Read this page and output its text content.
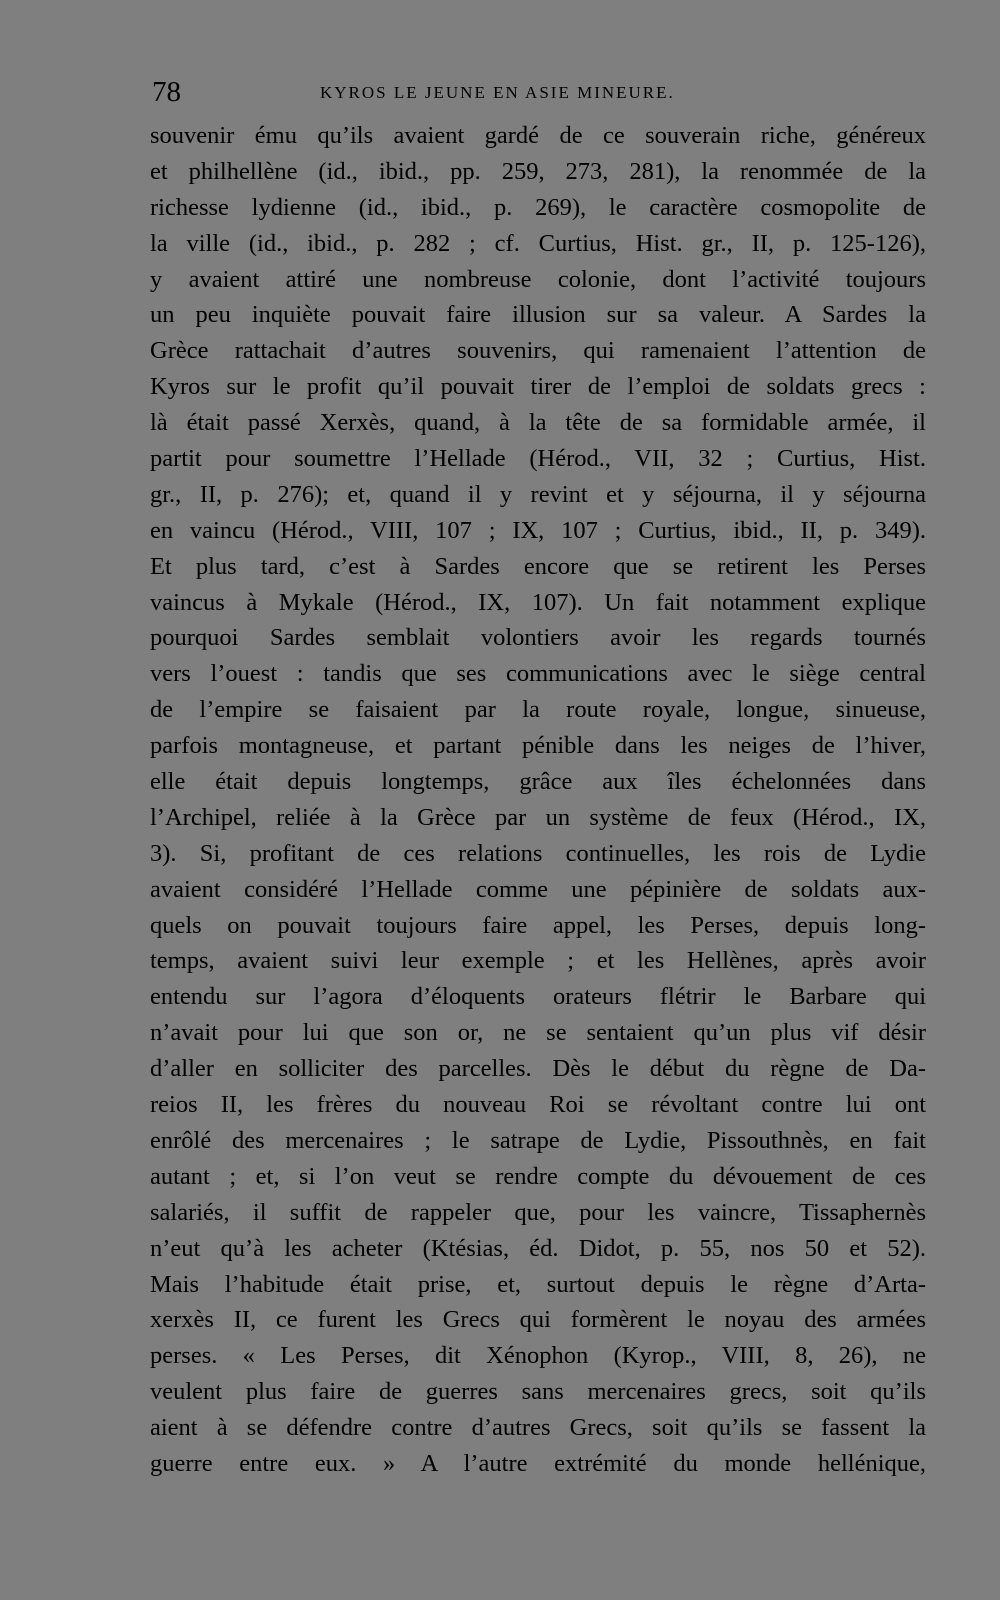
78	KYROS LE JEUNE EN ASIE MINEURE.
souvenir ému qu’ils avaient gardé de ce souverain riche, généreux
et philhellène (id., ibid., pp. 259, 273, 281), la renommée de la
richesse lydienne (id., ibid., p. 269), le caractère cosmopolite de
la ville (id., ibid., p. 282 ; cf. Curtius, Hist. gr., II, p. 125-126),
y avaient attiré une nombreuse colonie, dont l’activité toujours
un peu inquiète pouvait faire illusion sur sa valeur. A Sardes la
Grèce rattachait d’autres souvenirs, qui ramenaient l’attention de
Kyros sur le profit qu’il pouvait tirer de l’emploi de soldats grecs :
là était passé Xerxès, quand, à la tête de sa formidable armée, il
partit pour soumettre l’Hellade (Hérod., VII, 32 ; Curtius, Hist.
gr., II, p. 276); et, quand il y revint et y séjourna, il y séjourna
en vaincu (Hérod., VIII, 107 ; IX, 107 ; Curtius, ibid., II, p. 349).
Et plus tard, c’est à Sardes encore que se retirent les Perses
vaincus à Mykale (Hérod., IX, 107). Un fait notamment explique
pourquoi Sardes semblait volontiers avoir les regards tournés
vers l’ouest : tandis que ses communications avec le siège central
de l’empire se faisaient par la route royale, longue, sinueuse,
parfois montagneuse, et partant pénible dans les neiges de l’hiver,
elle était depuis longtemps, grâce aux îles échelonnées dans
l’Archipel, reliée à la Grèce par un système de feux (Hérod., IX,
3). Si, profitant de ces relations continuelles, les rois de Lydie
avaient considéré l’Hellade comme une pépinière de soldats aux-
quels on pouvait toujours faire appel, les Perses, depuis long-
temps, avaient suivi leur exemple ; et les Hellènes, après avoir
entendu sur l’agora d’éloquents orateurs flétrir le Barbare qui
n’avait pour lui que son or, ne se sentaient qu’un plus vif désir
d’aller en solliciter des parcelles. Dès le début du règne de Da-
reios II, les frères du nouveau Roi se révoltant contre lui ont
enrôlé des mercenaires ; le satrape de Lydie, Pissouthnès, en fait
autant ; et, si l’on veut se rendre compte du dévouement de ces
salariés, il suffit de rappeler que, pour les vaincre, Tissaphernès
n’eut qu’à les acheter (Ktésias, éd. Didot, p. 55, nos 50 et 52).
Mais l’habitude était prise, et, surtout depuis le règne d’Arta-
xerxès II, ce furent les Grecs qui formèrent le noyau des armées
perses. « Les Perses, dit Xénophon (Kyrop., VIII, 8, 26), ne
veulent plus faire de guerres sans mercenaires grecs, soit qu’ils
aient à se défendre contre d’autres Grecs, soit qu’ils se fassent la
guerre entre eux. » A l’autre extrémité du monde hellénique,
